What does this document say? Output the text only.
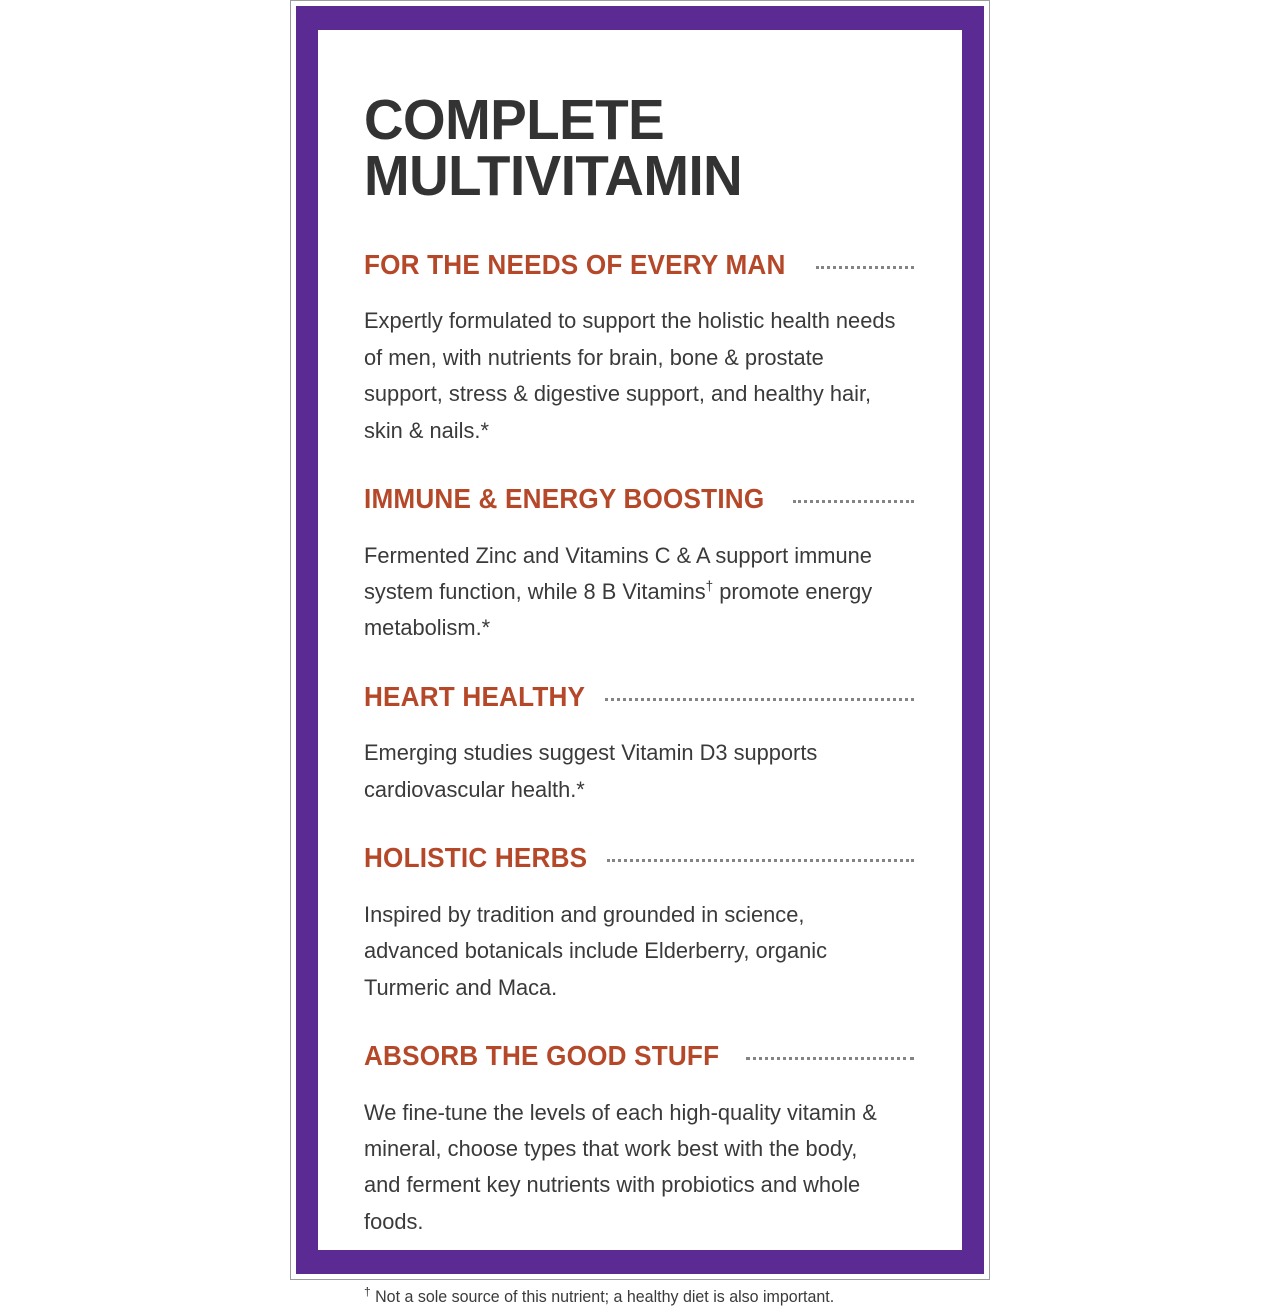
COMPLETE
MULTIVITAMIN
FOR THE NEEDS OF EVERY MAN

Expertly formulated to support the holistic health needs of men, with nutrients for brain, bone & prostate support, stress & digestive support, and healthy hair, skin & nails.*

IMMUNE & ENERGY BOOSTING

Fermented Zinc and Vitamins C & A support immune system function, while 8 B Vitamins† promote energy metabolism.*

HEART HEALTHY

Emerging studies suggest Vitamin D3 supports cardiovascular health.*

HOLISTIC HERBS

Inspired by tradition and grounded in science, advanced botanicals include Elderberry, organic Turmeric and Maca.

ABSORB THE GOOD STUFF

We fine-tune the levels of each high-quality vitamin & mineral, choose types that work best with the body, and ferment key nutrients with probiotics and whole foods.

† Not a sole source of this nutrient; a healthy diet is also important.
